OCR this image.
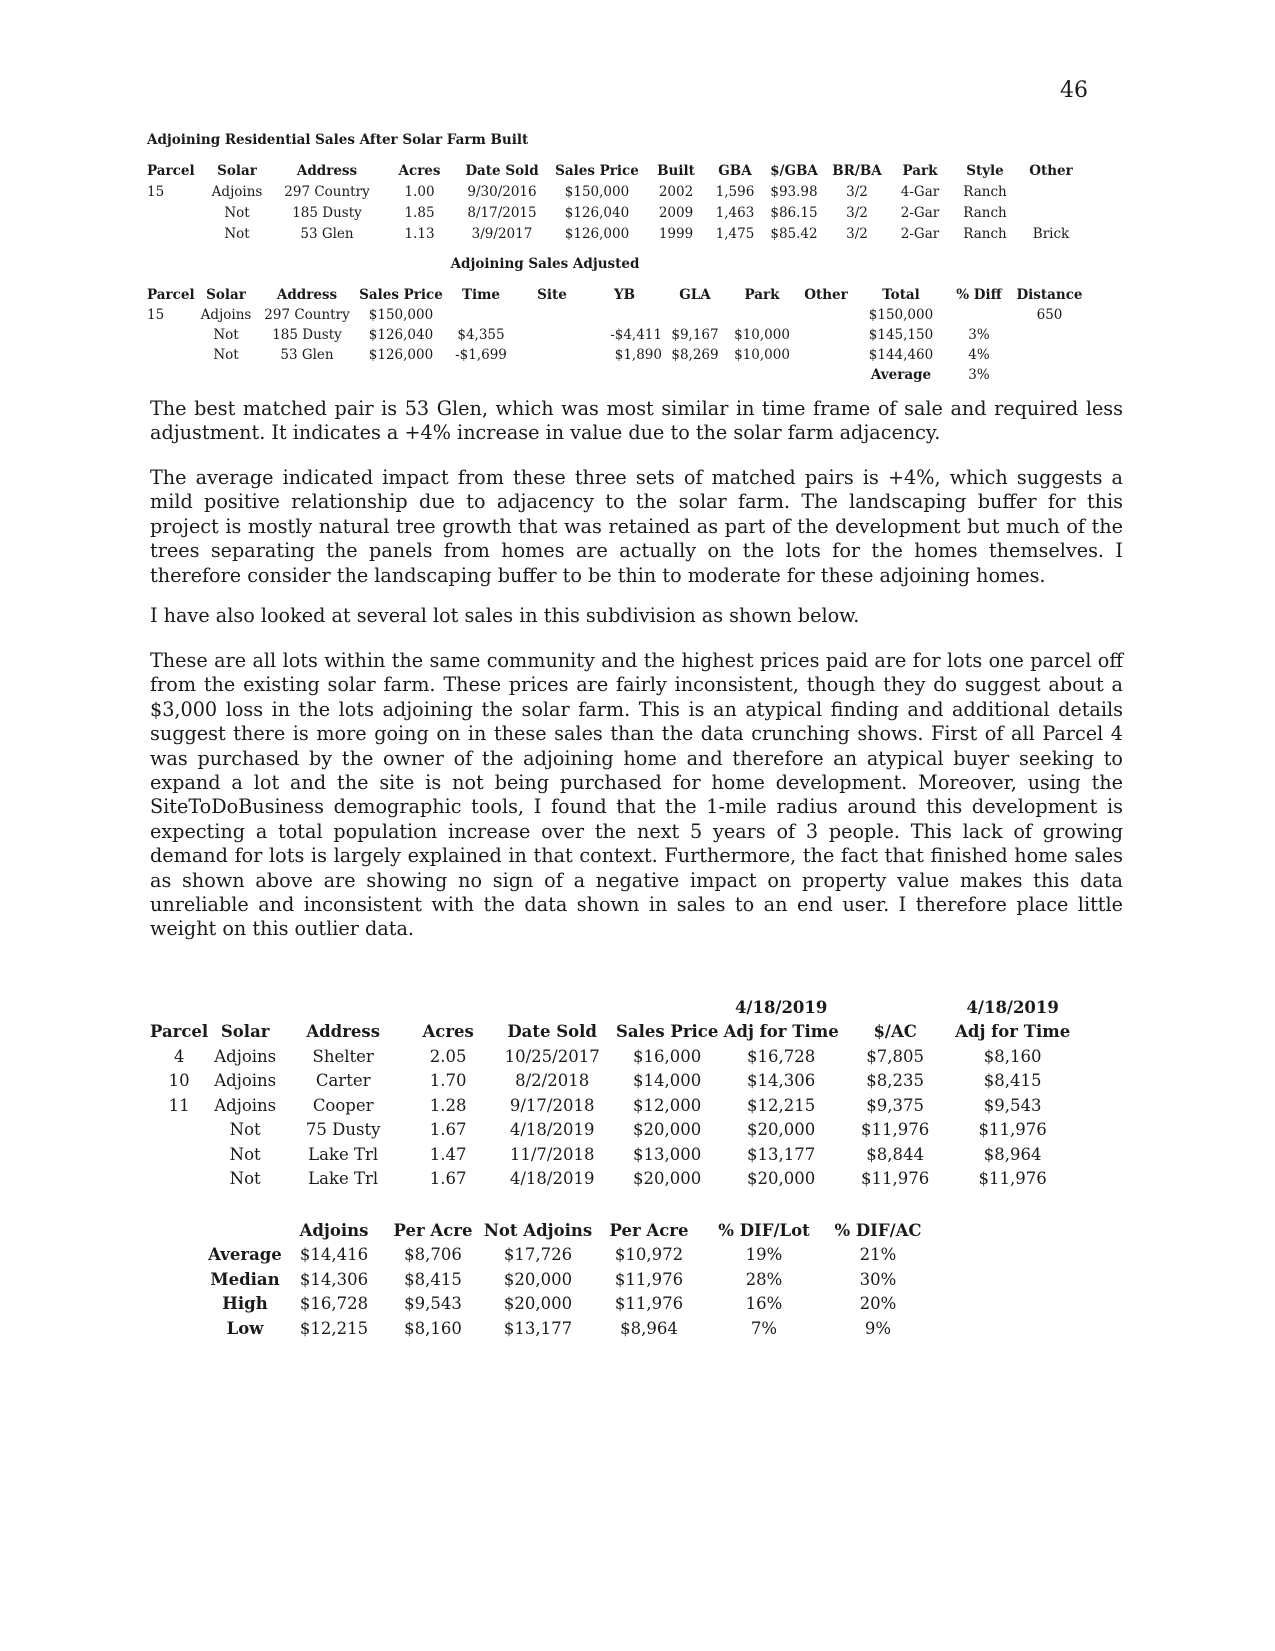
46
Adjoining Residential Sales After Solar Farm Built
Parcel	Solar	Address	Acres	Date Sold	Sales Price	Built	GBA	$/GBA	BR/BA	Park	Style	Other
15	Adjoins	297 Country	1.00	9/30/2016	$150,000	2002	1,596	$93.98	3/2	4-Gar	Ranch	
	Not	185 Dusty	1.85	8/17/2015	$126,040	2009	1,463	$86.15	3/2	2-Gar	Ranch	
	Not	53 Glen	1.13	3/9/2017	$126,000	1999	1,475	$85.42	3/2	2-Gar	Ranch	Brick
Adjoining Sales Adjusted
Parcel	Solar	Address	Sales Price	Time	Site	YB	GLA	Park	Other	Total	% Diff	Distance
15	Adjoins	297 Country	$150,000							$150,000		650
	Not	185 Dusty	$126,040	$4,355		-$4,411	$9,167	$10,000		$145,150	3%	
	Not	53 Glen	$126,000	-$1,699		$1,890	$8,269	$10,000		$144,460	4%	
										Average	3%	

The best matched pair is 53 Glen, which was most similar in time frame of sale and required less adjustment. It indicates a +4% increase in value due to the solar farm adjacency.

The average indicated impact from these three sets of matched pairs is +4%, which suggests a mild positive relationship due to adjacency to the solar farm. The landscaping buffer for this project is mostly natural tree growth that was retained as part of the development but much of the trees separating the panels from homes are actually on the lots for the homes themselves. I therefore consider the landscaping buffer to be thin to moderate for these adjoining homes.

I have also looked at several lot sales in this subdivision as shown below.

These are all lots within the same community and the highest prices paid are for lots one parcel off from the existing solar farm. These prices are fairly inconsistent, though they do suggest about a $3,000 loss in the lots adjoining the solar farm. This is an atypical finding and additional details suggest there is more going on in these sales than the data crunching shows. First of all Parcel 4 was purchased by the owner of the adjoining home and therefore an atypical buyer seeking to expand a lot and the site is not being purchased for home development. Moreover, using the SiteToDoBusiness demographic tools, I found that the 1-mile radius around this development is expecting a total population increase over the next 5 years of 3 people. This lack of growing demand for lots is largely explained in that context. Furthermore, the fact that finished home sales as shown above are showing no sign of a negative impact on property value makes this data unreliable and inconsistent with the data shown in sales to an end user. I therefore place little weight on this outlier data.

						4/18/2019		4/18/2019
Parcel	Solar	Address	Acres	Date Sold	Sales Price	Adj for Time	$/AC	Adj for Time
4	Adjoins	Shelter	2.05	10/25/2017	$16,000	$16,728	$7,805	$8,160
10	Adjoins	Carter	1.70	8/2/2018	$14,000	$14,306	$8,235	$8,415
11	Adjoins	Cooper	1.28	9/17/2018	$12,000	$12,215	$9,375	$9,543
	Not	75 Dusty	1.67	4/18/2019	$20,000	$20,000	$11,976	$11,976
	Not	Lake Trl	1.47	11/7/2018	$13,000	$13,177	$8,844	$8,964
	Not	Lake Trl	1.67	4/18/2019	$20,000	$20,000	$11,976	$11,976
	Adjoins	Per Acre	Not Adjoins	Per Acre	% DIF/Lot	% DIF/AC
Average	$14,416	$8,706	$17,726	$10,972	19%	21%
Median	$14,306	$8,415	$20,000	$11,976	28%	30%
High	$16,728	$9,543	$20,000	$11,976	16%	20%
Low	$12,215	$8,160	$13,177	$8,964	7%	9%
